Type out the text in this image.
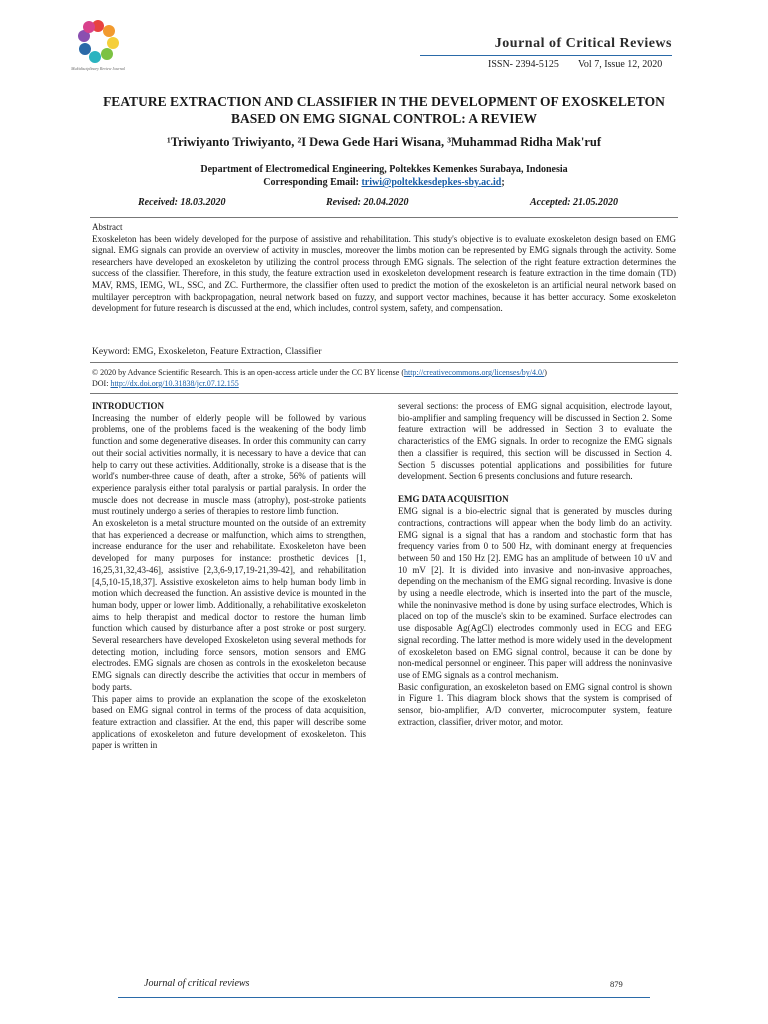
Multidisciplinary Review Journal
Journal of Critical Reviews
ISSN- 2394-5125 Vol 7, Issue 12, 2020
FEATURE EXTRACTION AND CLASSIFIER IN THE DEVELOPMENT OF EXOSKELETON BASED ON EMG SIGNAL CONTROL: A REVIEW
¹Triwiyanto Triwiyanto, ²I Dewa Gede Hari Wisana, ³Muhammad Ridha Mak'ruf
Department of Electromedical Engineering, Poltekkes Kemenkes Surabaya, Indonesia
Corresponding Email: triwi@poltekkesdepkes-sby.ac.id;
Received: 18.03.2020	Revised: 20.04.2020	Accepted: 21.05.2020
Abstract
Exoskeleton has been widely developed for the purpose of assistive and rehabilitation. This study's objective is to evaluate exoskeleton design based on EMG signal. EMG signals can provide an overview of activity in muscles, moreover the limbs motion can be represented by EMG signals through the activity. Some researchers have developed an exoskeleton by utilizing the control process through EMG signals. The selection of the right feature extraction determines the success of the classifier. Therefore, in this study, the feature extraction used in exoskeleton development research is feature extraction in the time domain (TD) MAV, RMS, IEMG, WL, SSC, and ZC. Furthermore, the classifier often used to predict the motion of the exoskeleton is an artificial neural network based on multilayer perceptron with backpropagation, neural network based on fuzzy, and support vector machines, because it has better accuracy. Some exoskeleton development for future research is discussed at the end, which includes, control system, safety, and compensation.
Keyword: EMG, Exoskeleton, Feature Extraction, Classifier
© 2020 by Advance Scientific Research. This is an open-access article under the CC BY license (http://creativecommons.org/licenses/by/4.0/)
DOI: http://dx.doi.org/10.31838/jcr.07.12.155

INTRODUCTION

Increasing the number of elderly people will be followed by various problems, one of the problems faced is the weakening of the body limb function and some degenerative diseases. In order this community can carry out their social activities normally, it is necessary to have a device that can help to carry out these activities. Additionally, stroke is a disease that is the world's number-three cause of death, after a stroke, 56% of patients will experience paralysis either total paralysis or partial paralysis. In order the muscle does not decrease in muscle mass (atrophy), post-stroke patients must routinely undergo a series of therapies to restore limb function.

An exoskeleton is a metal structure mounted on the outside of an extremity that has experienced a decrease or malfunction, which aims to strengthen, increase endurance for the user and rehabilitate. Exoskeleton have been developed for many purposes for instance: prosthetic devices [1, 16,25,31,32,43-46], assistive [2,3,6-9,17,19-21,39-42], and rehabilitation [4,5,10-15,18,37]. Assistive exoskeleton aims to help human body limb in motion which decreased the function. An assistive device is mounted in the human body, upper or lower limb. Additionally, a rehabilitative exoskeleton aims to help therapist and medical doctor to restore the human limb function which caused by disturbance after a post stroke or post surgery. Several researchers have developed Exoskeleton using several methods for detecting motion, including force sensors, motion sensors and EMG electrodes. EMG signals are chosen as controls in the exoskeleton because EMG signals can directly describe the activities that occur in members of body parts.

This paper aims to provide an explanation the scope of the exoskeleton based on EMG signal control in terms of the process of data acquisition, feature extraction and classifier. At the end, this paper will describe some applications of exoskeleton and future development of exoskeleton. This paper is written in

several sections: the process of EMG signal acquisition, electrode layout, bio-amplifier and sampling frequency will be discussed in Section 2. Some feature extraction will be addressed in Section 3 to evaluate the characteristics of the EMG signals. In order to recognize the EMG signals then a classifier is required, this section will be discussed in Section 4. Section 5 discusses potential applications and possibilities for future development. Section 6 presents conclusions and future research.

EMG DATA ACQUISITION

EMG signal is a bio-electric signal that is generated by muscles during contractions, contractions will appear when the body limb do an activity. EMG signal is a signal that has a random and stochastic form that has frequency varies from 0 to 500 Hz, with dominant energy at frequencies between 50 and 150 Hz [2]. EMG has an amplitude of between 10 uV and 10 mV [2]. It is divided into invasive and non-invasive approaches, depending on the mechanism of the EMG signal recording. Invasive is done by using a needle electrode, which is inserted into the part of the muscle, while the noninvasive method is done by using surface electrodes, Which is placed on top of the muscle's skin to be examined. Surface electrodes can use disposable Ag(AgCl) electrodes commonly used in ECG and EEG signal recording. The latter method is more widely used in the development of exoskeleton based on EMG signal control, because it can be done by non-medical personnel or engineer. This paper will address the noninvasive use of EMG signals as a control mechanism.

Basic configuration, an exoskeleton based on EMG signal control is shown in Figure 1. This diagram block shows that the system is comprised of sensor, bio-amplifier, A/D converter, microcomputer system, feature extraction, classifier, driver motor, and motor.

Journal of critical reviews	879
